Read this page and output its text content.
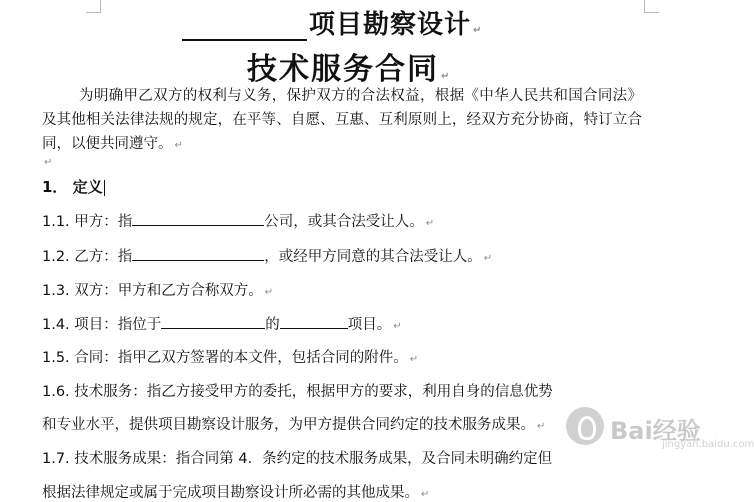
项目勘察设计 ↵
技术服务合同 ↵
为明确甲乙双方的权利与义务，保护双方的合法权益，根据《中华人民共和国合同法》及其他相关法律法规的规定，在平等、自愿、互惠、互利原则上，经双方充分协商，特订立合同，以便共同遵守。 ↵
↵
1． 定义
1.1. 甲方：指	公司，或其合法受让人。 ↵
1.2. 乙方：指	，或经甲方同意的其合法受让人。 ↵
1.3. 双方：甲方和乙方合称双方。 ↵
1.4. 项目：指位于	的	项目。 ↵
1.5. 合同：指甲乙双方签署的本文件，包括合同的附件。 ↵
1.6. 技术服务：指乙方接受甲方的委托，根据甲方的要求，利用自身的信息优势
和专业水平，提供项目勘察设计服务，为甲方提供合同约定的技术服务成果。 ↵
1.7. 技术服务成果：指合同第 4．条约定的技术服务成果，及合同未明确约定但
根据法律规定或属于完成项目勘察设计所必需的其他成果。 ↵
Bai经验
jingyan.baidu.com
